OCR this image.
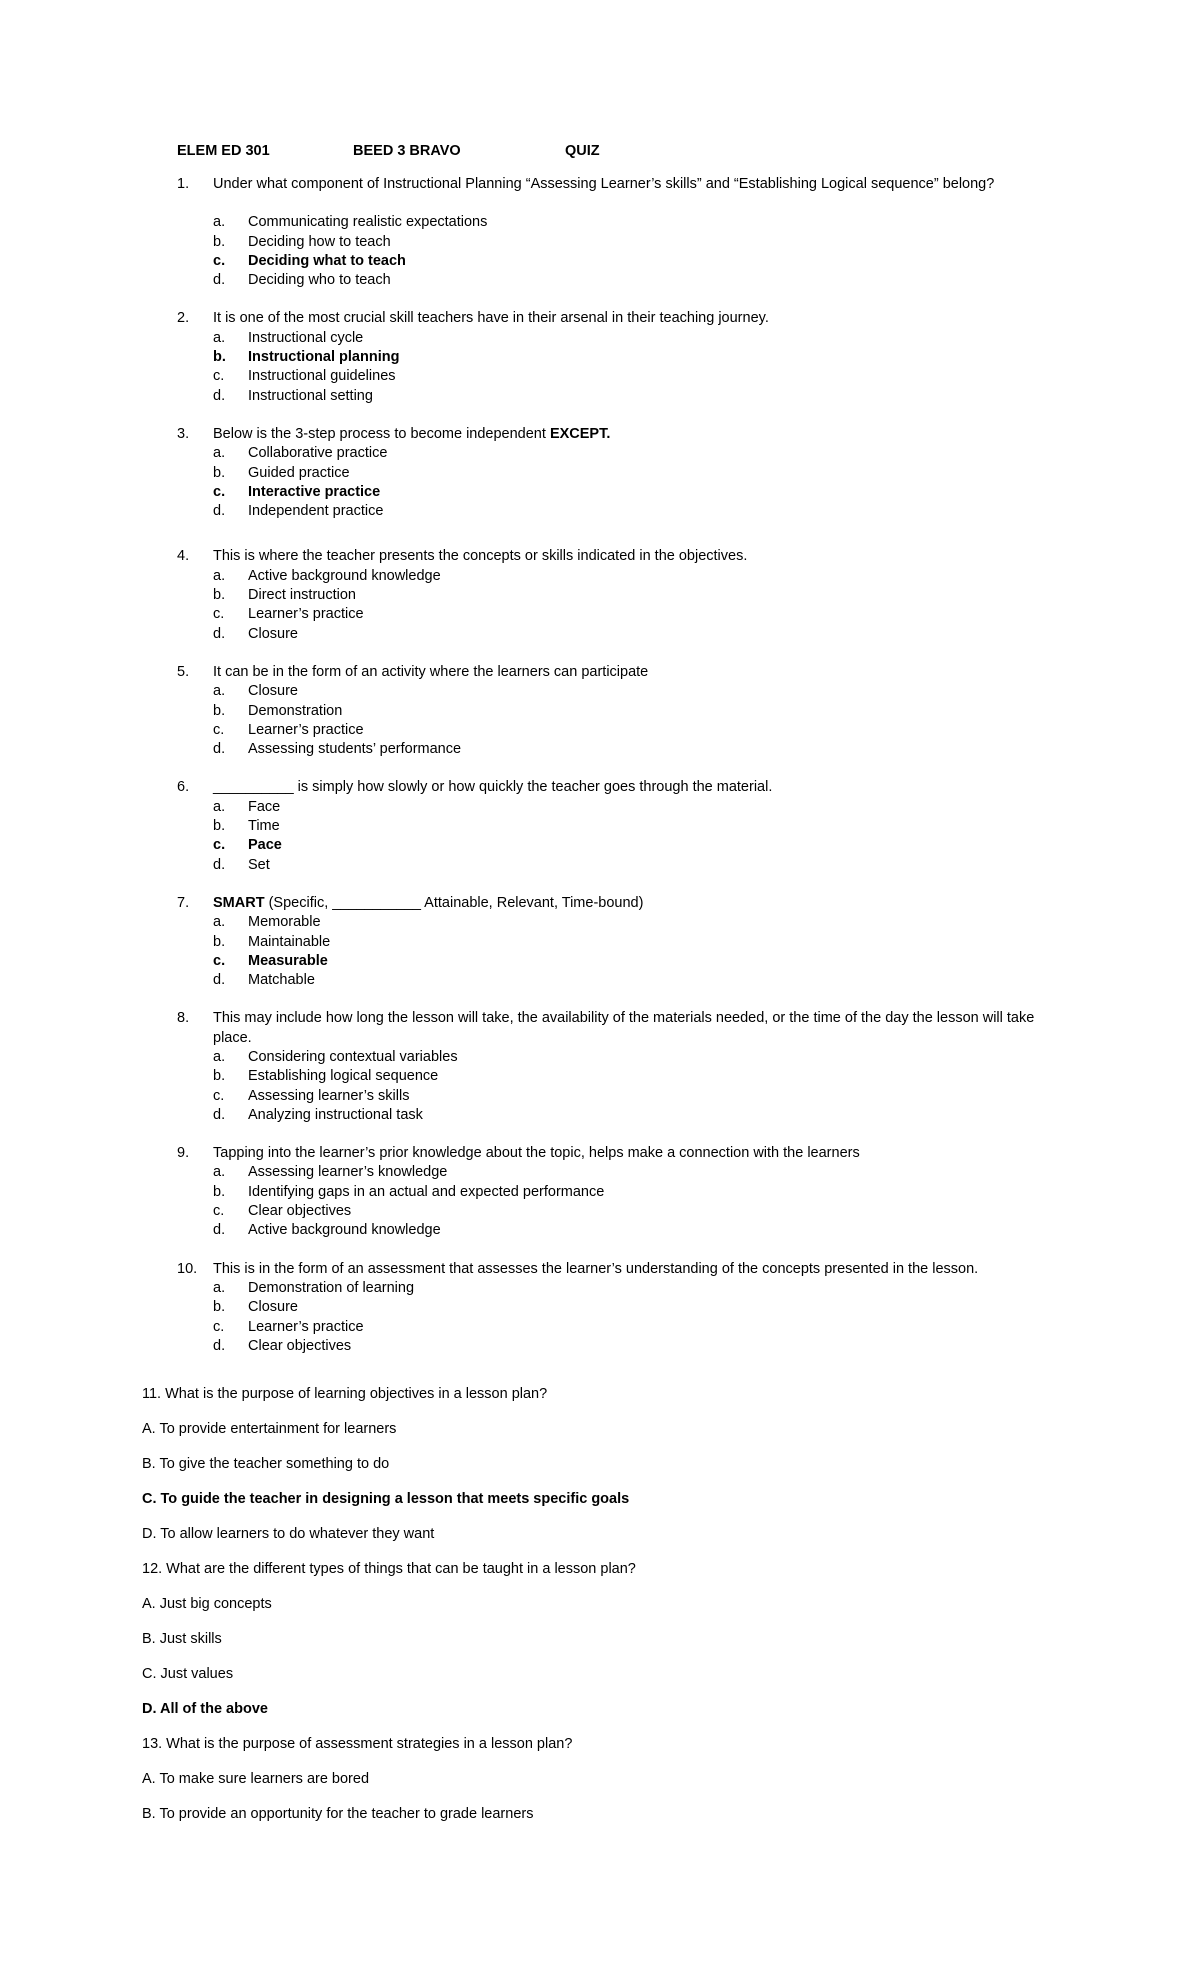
ELEM ED 301	BEED 3 BRAVO	QUIZ
1. Under what component of Instructional Planning “Assessing Learner’s skills” and “Establishing Logical sequence” belong?
a. Communicating realistic expectations
b. Deciding how to teach
c. Deciding what to teach
d. Deciding who to teach
2. It is one of the most crucial skill teachers have in their arsenal in their teaching journey.
a. Instructional cycle
b. Instructional planning
c. Instructional guidelines
d. Instructional setting
3. Below is the 3-step process to become independent EXCEPT.
a. Collaborative practice
b. Guided practice
c. Interactive practice
d. Independent practice
4. This is where the teacher presents the concepts or skills indicated in the objectives.
a. Active background knowledge
b. Direct instruction
c. Learner’s practice
d. Closure
5. It can be in the form of an activity where the learners can participate
a. Closure
b. Demonstration
c. Learner’s practice
d. Assessing students’ performance
6. __________ is simply how slowly or how quickly the teacher goes through the material.
a. Face
b. Time
c. Pace
d. Set
7. SMART (Specific, ___________ Attainable, Relevant, Time-bound)
a. Memorable
b. Maintainable
c. Measurable
d. Matchable
8. This may include how long the lesson will take, the availability of the materials needed, or the time of the day the lesson will take place.
a. Considering contextual variables
b. Establishing logical sequence
c. Assessing learner’s skills
d. Analyzing instructional task
9. Tapping into the learner’s prior knowledge about the topic, helps make a connection with the learners
a. Assessing learner’s knowledge
b. Identifying gaps in an actual and expected performance
c. Clear objectives
d. Active background knowledge
10. This is in the form of an assessment that assesses the learner’s understanding of the concepts presented in the lesson.
a. Demonstration of learning
b. Closure
c. Learner’s practice
d. Clear objectives

11. What is the purpose of learning objectives in a lesson plan?

A. To provide entertainment for learners

B. To give the teacher something to do

C. To guide the teacher in designing a lesson that meets specific goals

D. To allow learners to do whatever they want

12. What are the different types of things that can be taught in a lesson plan?

A. Just big concepts

B. Just skills

C. Just values

D. All of the above

13. What is the purpose of assessment strategies in a lesson plan?

A. To make sure learners are bored

B. To provide an opportunity for the teacher to grade learners
